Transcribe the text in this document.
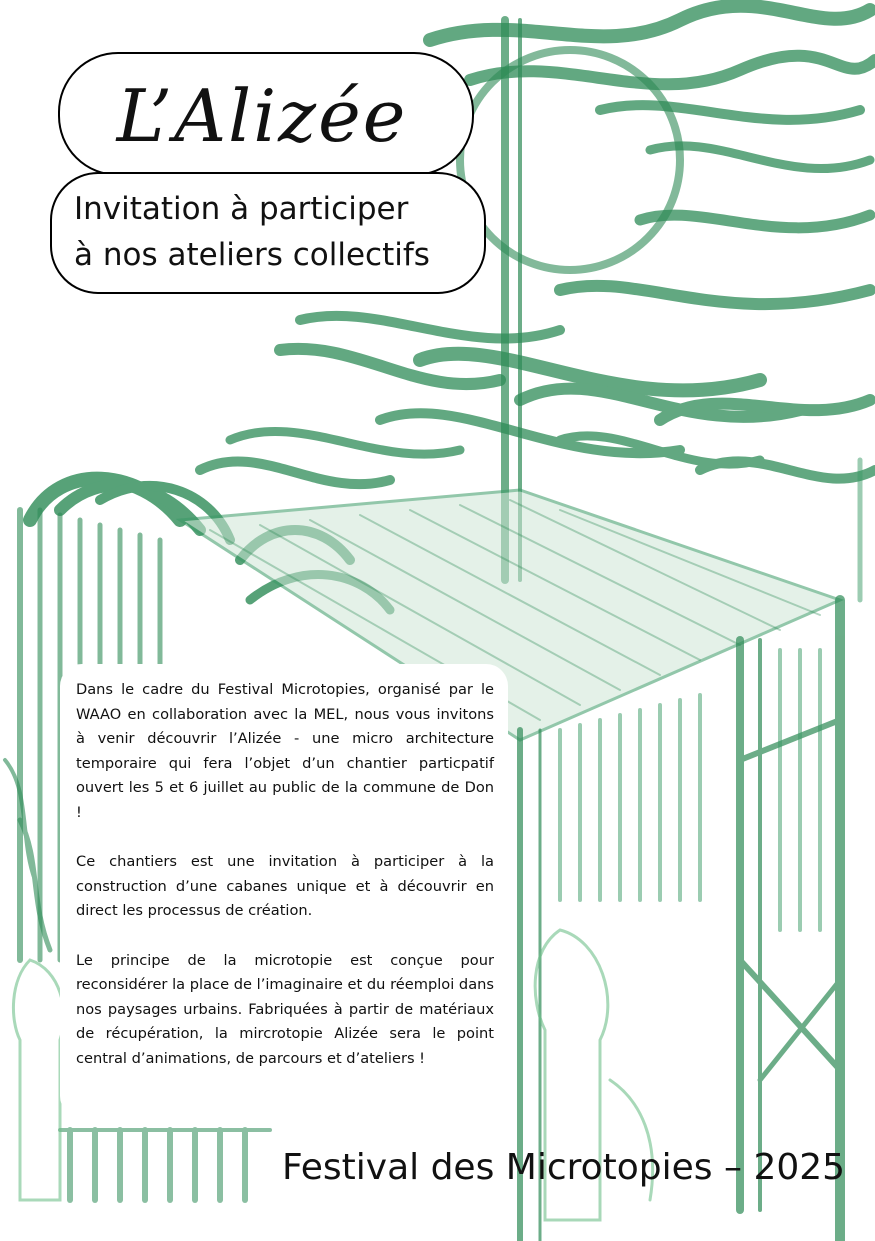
L’Alizée
Invitation à participer
à nos ateliers collectifs

Dans le cadre du Festival Microtopies, organisé par le WAAO en collaboration avec la MEL, nous vous invitons à venir découvrir l’Alizée - une micro architecture temporaire qui fera l’objet d’un chantier particpatif ouvert les 5 et 6 juillet au public de la commune de Don !

Ce chantiers est une invitation à participer à la construction d’une cabanes unique et à découvrir en direct les processus de création.

Le principe de la microtopie est conçue pour reconsidérer la place de l’imaginaire et du réemploi dans nos paysages urbains. Fabriquées à partir de matériaux de récupération, la mircrotopie Alizée sera le point central d’animations, de parcours et d’ateliers !

Festival des Microtopies – 2025
